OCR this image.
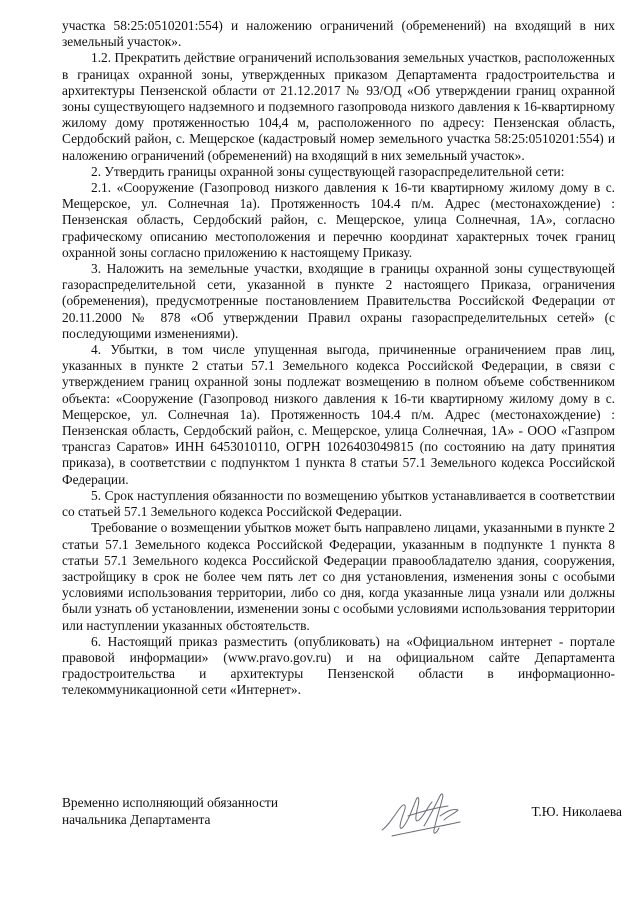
участка 58:25:0510201:554) и наложению ограничений (обременений) на входящий в них земельный участок».

1.2. Прекратить действие ограничений использования земельных участков, расположенных в границах охранной зоны, утвержденных приказом Департамента градостроительства и архитектуры Пензенской области от 21.12.2017 № 93/ОД «Об утверждении границ охранной зоны существующего надземного и подземного газопровода низкого давления к 16-квартирному жилому дому протяженностью 104,4 м, расположенного по адресу: Пензенская область, Сердобский район, с. Мещерское (кадастровый номер земельного участка 58:25:0510201:554) и наложению ограничений (обременений) на входящий в них земельный участок».

2. Утвердить границы охранной зоны существующей газораспределительной сети:

2.1. «Сооружение (Газопровод низкого давления к 16-ти квартирному жилому дому в с. Мещерское, ул. Солнечная 1а). Протяженность 104.4 п/м. Адрес (местонахождение) : Пензенская область, Сердобский район, с. Мещерское, улица Солнечная, 1А», согласно графическому описанию местоположения и перечню координат характерных точек границ охранной зоны согласно приложению к настоящему Приказу.

3. Наложить на земельные участки, входящие в границы охранной зоны существующей газораспределительной сети, указанной в пункте 2 настоящего Приказа, ограничения (обременения), предусмотренные постановлением Правительства Российской Федерации от 20.11.2000 № 878 «Об утверждении Правил охраны газораспределительных сетей» (с последующими изменениями).

4. Убытки, в том числе упущенная выгода, причиненные ограничением прав лиц, указанных в пункте 2 статьи 57.1 Земельного кодекса Российской Федерации, в связи с утверждением границ охранной зоны подлежат возмещению в полном объеме собственником объекта: «Сооружение (Газопровод низкого давления к 16-ти квартирному жилому дому в с. Мещерское, ул. Солнечная 1а). Протяженность 104.4 п/м. Адрес (местонахождение) : Пензенская область, Сердобский район, с. Мещерское, улица Солнечная, 1А» - ООО «Газпром трансгаз Саратов» ИНН 6453010110, ОГРН 1026403049815 (по состоянию на дату принятия приказа), в соответствии с подпунктом 1 пункта 8 статьи 57.1 Земельного кодекса Российской Федерации.

5. Срок наступления обязанности по возмещению убытков устанавливается в соответствии со статьей 57.1 Земельного кодекса Российской Федерации.

Требование о возмещении убытков может быть направлено лицами, указанными в пункте 2 статьи 57.1 Земельного кодекса Российской Федерации, указанным в подпункте 1 пункта 8 статьи 57.1 Земельного кодекса Российской Федерации правообладателю здания, сооружения, застройщику в срок не более чем пять лет со дня установления, изменения зоны с особыми условиями использования территории, либо со дня, когда указанные лица узнали или должны были узнать об установлении, изменении зоны с особыми условиями использования территории или наступлении указанных обстоятельств.

6. Настоящий приказ разместить (опубликовать) на «Официальном интернет - портале правовой информации» (www.pravo.gov.ru) и на официальном сайте Департамента градостроительства и архитектуры Пензенской области в информационно-телекоммуникационной сети «Интернет».

Временно исполняющий обязанности
начальника Департамента
Т.Ю. Николаева
